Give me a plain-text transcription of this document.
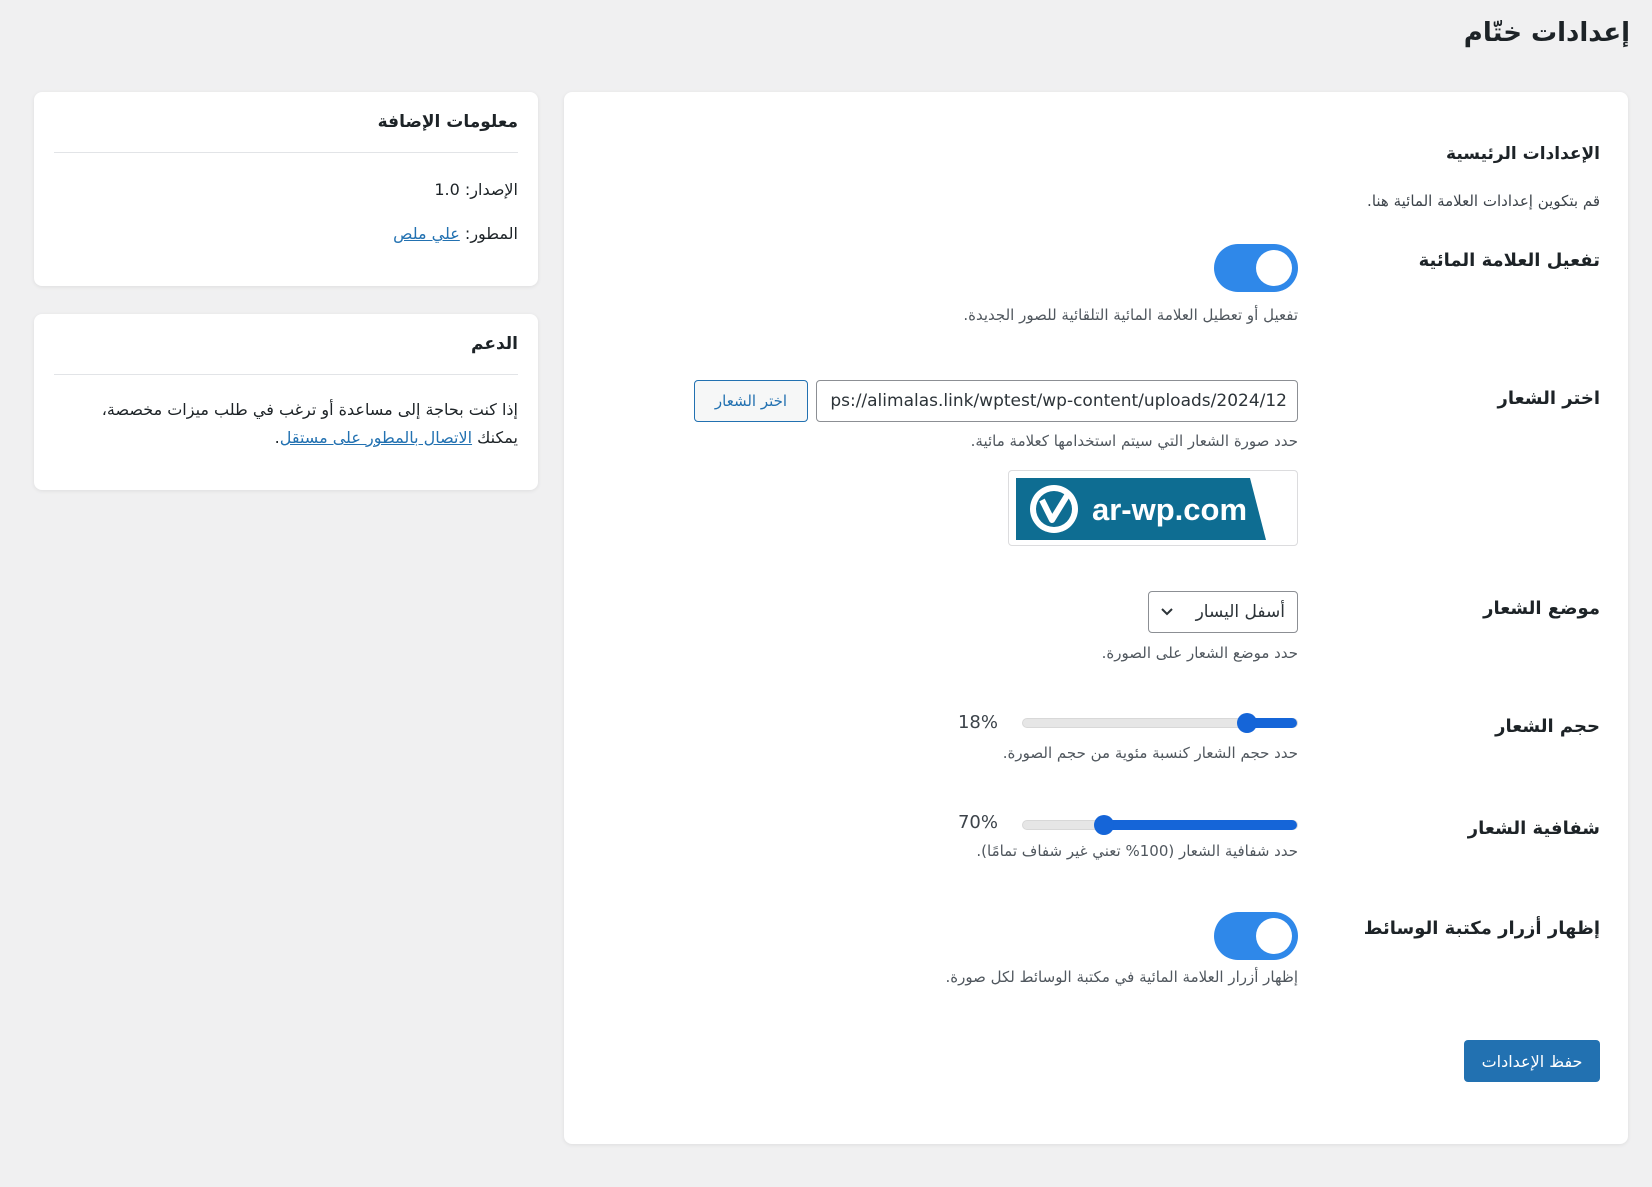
إعدادات ختّام
الإعدادات الرئيسية
قم بتكوين إعدادات العلامة المائية هنا.
تفعيل العلامة المائية
تفعيل أو تعطيل العلامة المائية التلقائية للصور الجديدة.
اختر الشعار
ps://alimalas.link/wptest/wp-content/uploads/2024/12
اختر الشعار
حدد صورة الشعار التي سيتم استخدامها كعلامة مائية.
ar-wp.com
موضع الشعار
أسفل اليسار
حدد موضع الشعار على الصورة.
حجم الشعار
18%
حدد حجم الشعار كنسبة مئوية من حجم الصورة.
شفافية الشعار
70%
حدد شفافية الشعار (100% تعني غير شفاف تمامًا).
إظهار أزرار مكتبة الوسائط
إظهار أزرار العلامة المائية في مكتبة الوسائط لكل صورة.
حفظ الإعدادات
معلومات الإضافة
الإصدار: 1.0
المطور: علي ملص
الدعم
إذا كنت بحاجة إلى مساعدة أو ترغب في طلب ميزات مخصصة،
يمكنك الاتصال بالمطور على مستقل.
